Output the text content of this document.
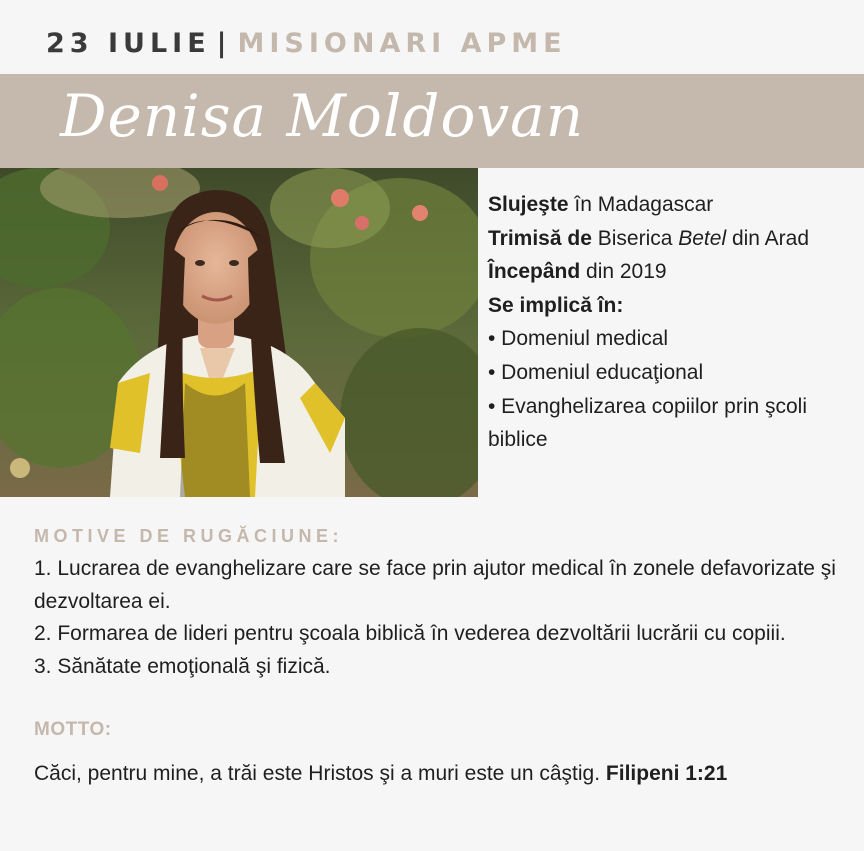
23 IULIE | MISIONARI APME
Denisa Moldovan
Slujeşte în Madagascar
Trimisă de Biserica Betel din Arad
Începând din 2019
Se implică în:
• Domeniul medical
• Domeniul educaţional
• Evanghelizarea copiilor prin şcoli biblice
MOTIVE DE RUGĂCIUNE:
1. Lucrarea de evanghelizare care se face prin ajutor medical în zonele defavorizate şi dezvoltarea ei.
2. Formarea de lideri pentru şcoala biblică în vederea dezvoltării lucrării cu copiii.
3. Sănătate emoţională şi fizică.
MOTTO:
Căci, pentru mine, a trăi este Hristos şi a muri este un câştig. Filipeni 1:21
